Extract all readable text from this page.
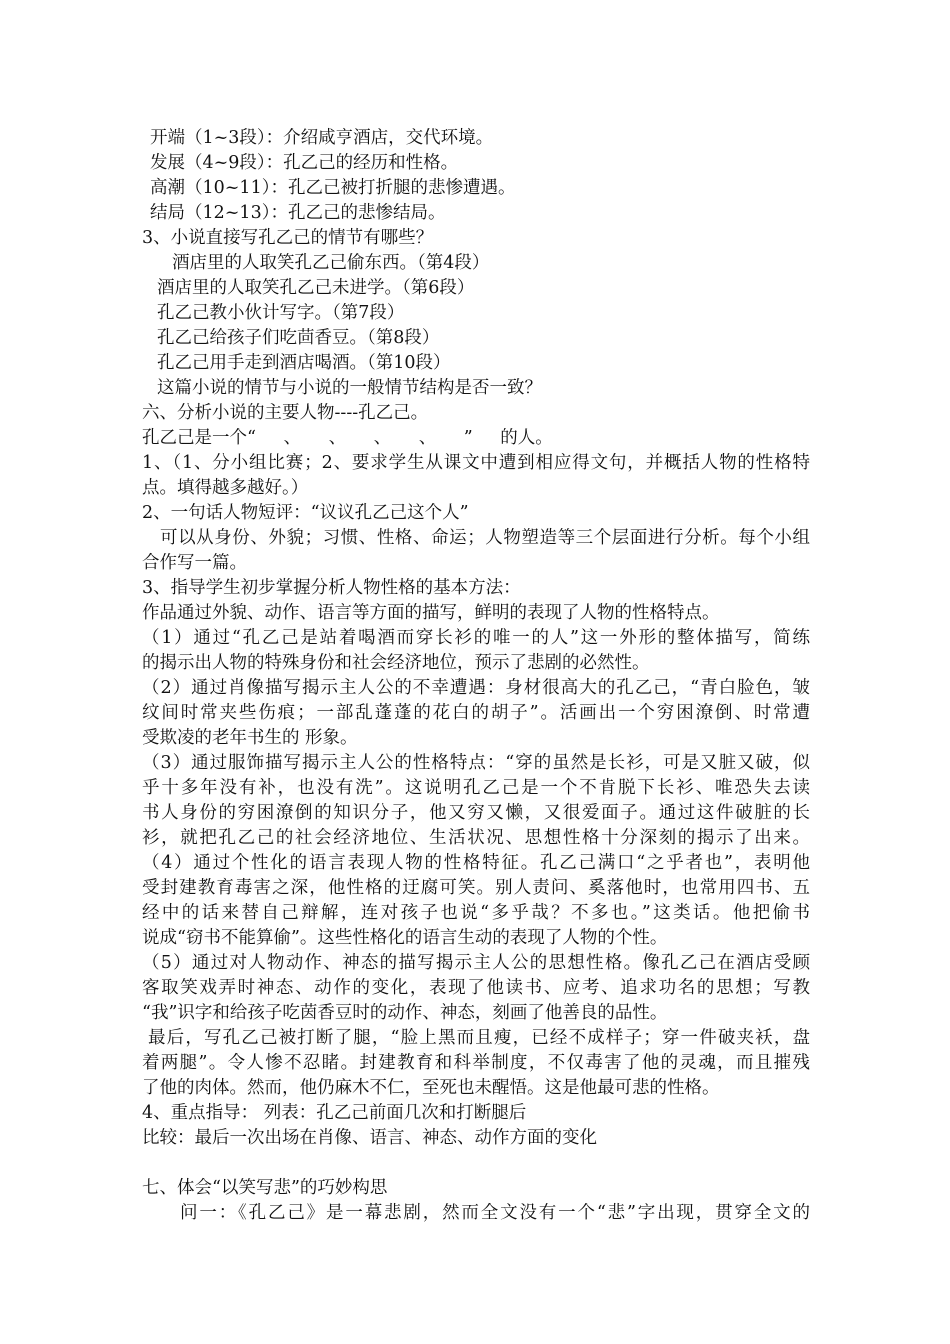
开端（1~3段）：介绍咸亨酒店，交代环境。

发展（4~9段）：孔乙己的经历和性格。

高潮（10~11）：孔乙己被打折腿的悲惨遭遇。

结局（12~13）：孔乙己的悲惨结局。

3、小说直接写孔乙己的情节有哪些？

酒店里的人取笑孔乙己偷东西。（第4段）

酒店里的人取笑孔乙己未进学。（第6段）

孔乙己教小伙计写字。（第7段）

孔乙己给孩子们吃茴香豆。（第8段）

孔乙己用手走到酒店喝酒。（第10段）

这篇小说的情节与小说的一般情节结构是否一致？

六、分析小说的主要人物----孔乙己。

孔乙己是一个“ 、 、 、 、 ” 的人。

1、（1、分小组比赛；2、要求学生从课文中遭到相应得文句，并概括人物的性格特

点。填得越多越好。）

2、一句话人物短评：“议议孔乙己这个人”

可以从身份、外貌；习惯、性格、命运；人物塑造等三个层面进行分析。每个小组

合作写一篇。

3、指导学生初步掌握分析人物性格的基本方法：

作品通过外貌、动作、语言等方面的描写，鲜明的表现了人物的性格特点。

（1）通过“孔乙己是站着喝酒而穿长衫的唯一的人”这一外形的整体描写，简练

的揭示出人物的特殊身份和社会经济地位，预示了悲剧的必然性。

（2）通过肖像描写揭示主人公的不幸遭遇：身材很高大的孔乙己，“青白脸色，皱

纹间时常夹些伤痕；一部乱蓬蓬的花白的胡子”。活画出一个穷困潦倒、时常遭

受欺凌的老年书生的 形象。

（3）通过服饰描写揭示主人公的性格特点：“穿的虽然是长衫，可是又脏又破，似

乎十多年没有补，也没有洗”。这说明孔乙己是一个不肯脱下长衫、唯恐失去读

书人身份的穷困潦倒的知识分子，他又穷又懒，又很爱面子。通过这件破脏的长

衫，就把孔乙己的社会经济地位、生活状况、思想性格十分深刻的揭示了出来。

（4）通过个性化的语言表现人物的性格特征。孔乙己满口“之乎者也”，表明他

受封建教育毒害之深，他性格的迂腐可笑。别人责问、奚落他时，也常用四书、五

经中的话来替自己辩解，连对孩子也说“多乎哉？不多也。”这类话。他把偷书

说成“窃书不能算偷”。这些性格化的语言生动的表现了人物的个性。

（5）通过对人物动作、神态的描写揭示主人公的思想性格。像孔乙己在酒店受顾

客取笑戏弄时神态、动作的变化，表现了他读书、应考、追求功名的思想；写教

“我”识字和给孩子吃茵香豆时的动作、神态，刻画了他善良的品性。

最后，写孔乙己被打断了腿，“脸上黑而且瘦，已经不成样子；穿一件破夹袄，盘

着两腿”。令人惨不忍睹。封建教育和科举制度，不仅毒害了他的灵魂，而且摧残

了他的肉体。然而，他仍麻木不仁，至死也未醒悟。这是他最可悲的性格。

4、重点指导： 列表：孔乙己前面几次和打断腿后

比较：最后一次出场在肖像、语言、神态、动作方面的变化

七、体会“以笑写悲”的巧妙构思

问一：《孔乙己》是一幕悲剧，然而全文没有一个“悲”字出现，贯穿全文的
